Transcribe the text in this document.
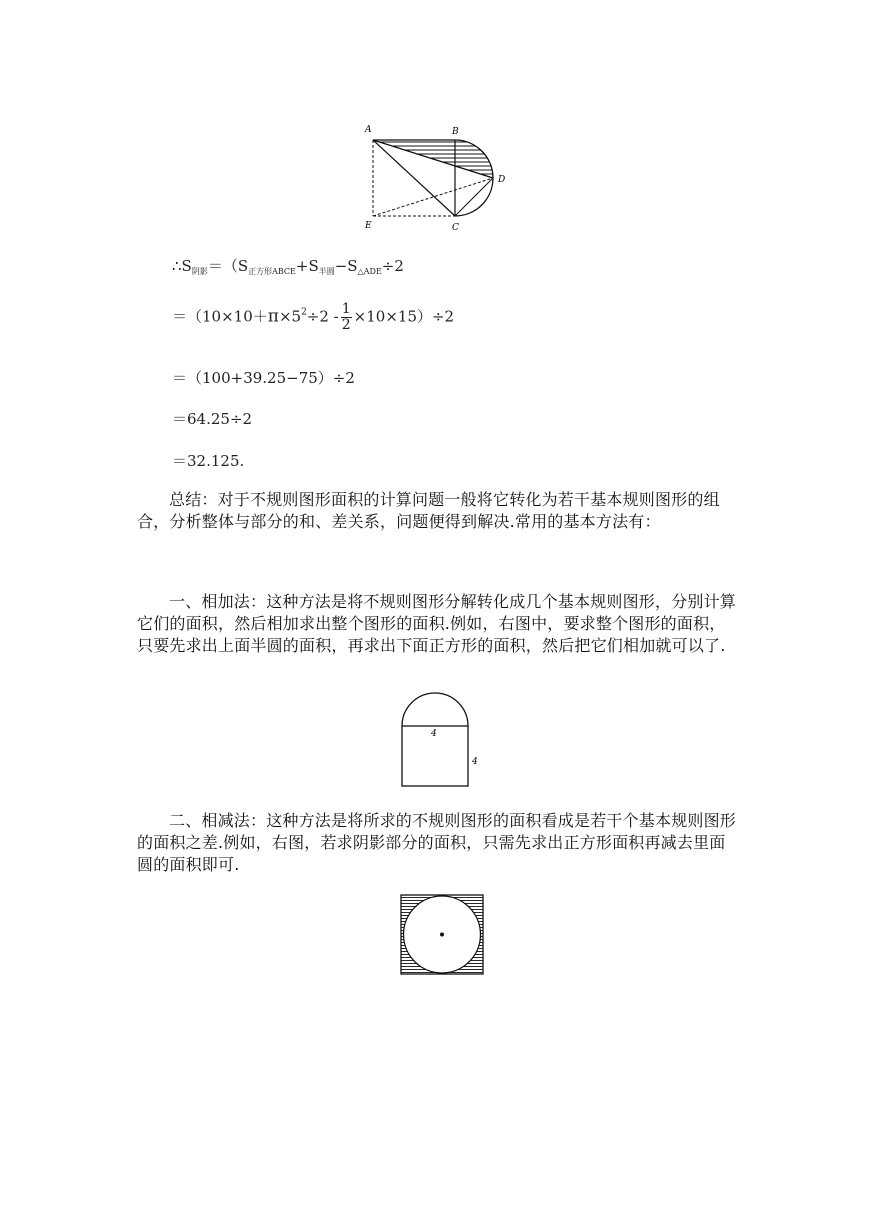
A	B
D
E	C
$\therefore S_{阴影}=(S_{正方形ABCE}+S_{半圆}-S_{\triangle ADE}\div 2$
$=(10\times 10+\pi\times 5^2\div 2 - \frac{1}{2} \times 10\times 15)\div 2$
＝（100+39.25−75）÷2
＝64.25÷2
＝32.125.

总结：对于不规则图形面积的计算问题一般将它转化为若干基本规则图形的组合，分析整体与部分的和、差关系，问题便得到解决.常用的基本方法有：

一、相加法：这种方法是将不规则图形分解转化成几个基本规则图形，分别计算它们的面积，然后相加求出整个图形的面积.例如，右图中，要求整个图形的面积，只要先求出上面半圆的面积，再求出下面正方形的面积，然后把它们相加就可以了.

4
4

二、相减法：这种方法是将所求的不规则图形的面积看成是若干个基本规则图形的面积之差.例如，右图，若求阴影部分的面积，只需先求出正方形面积再减去里面圆的面积即可.
